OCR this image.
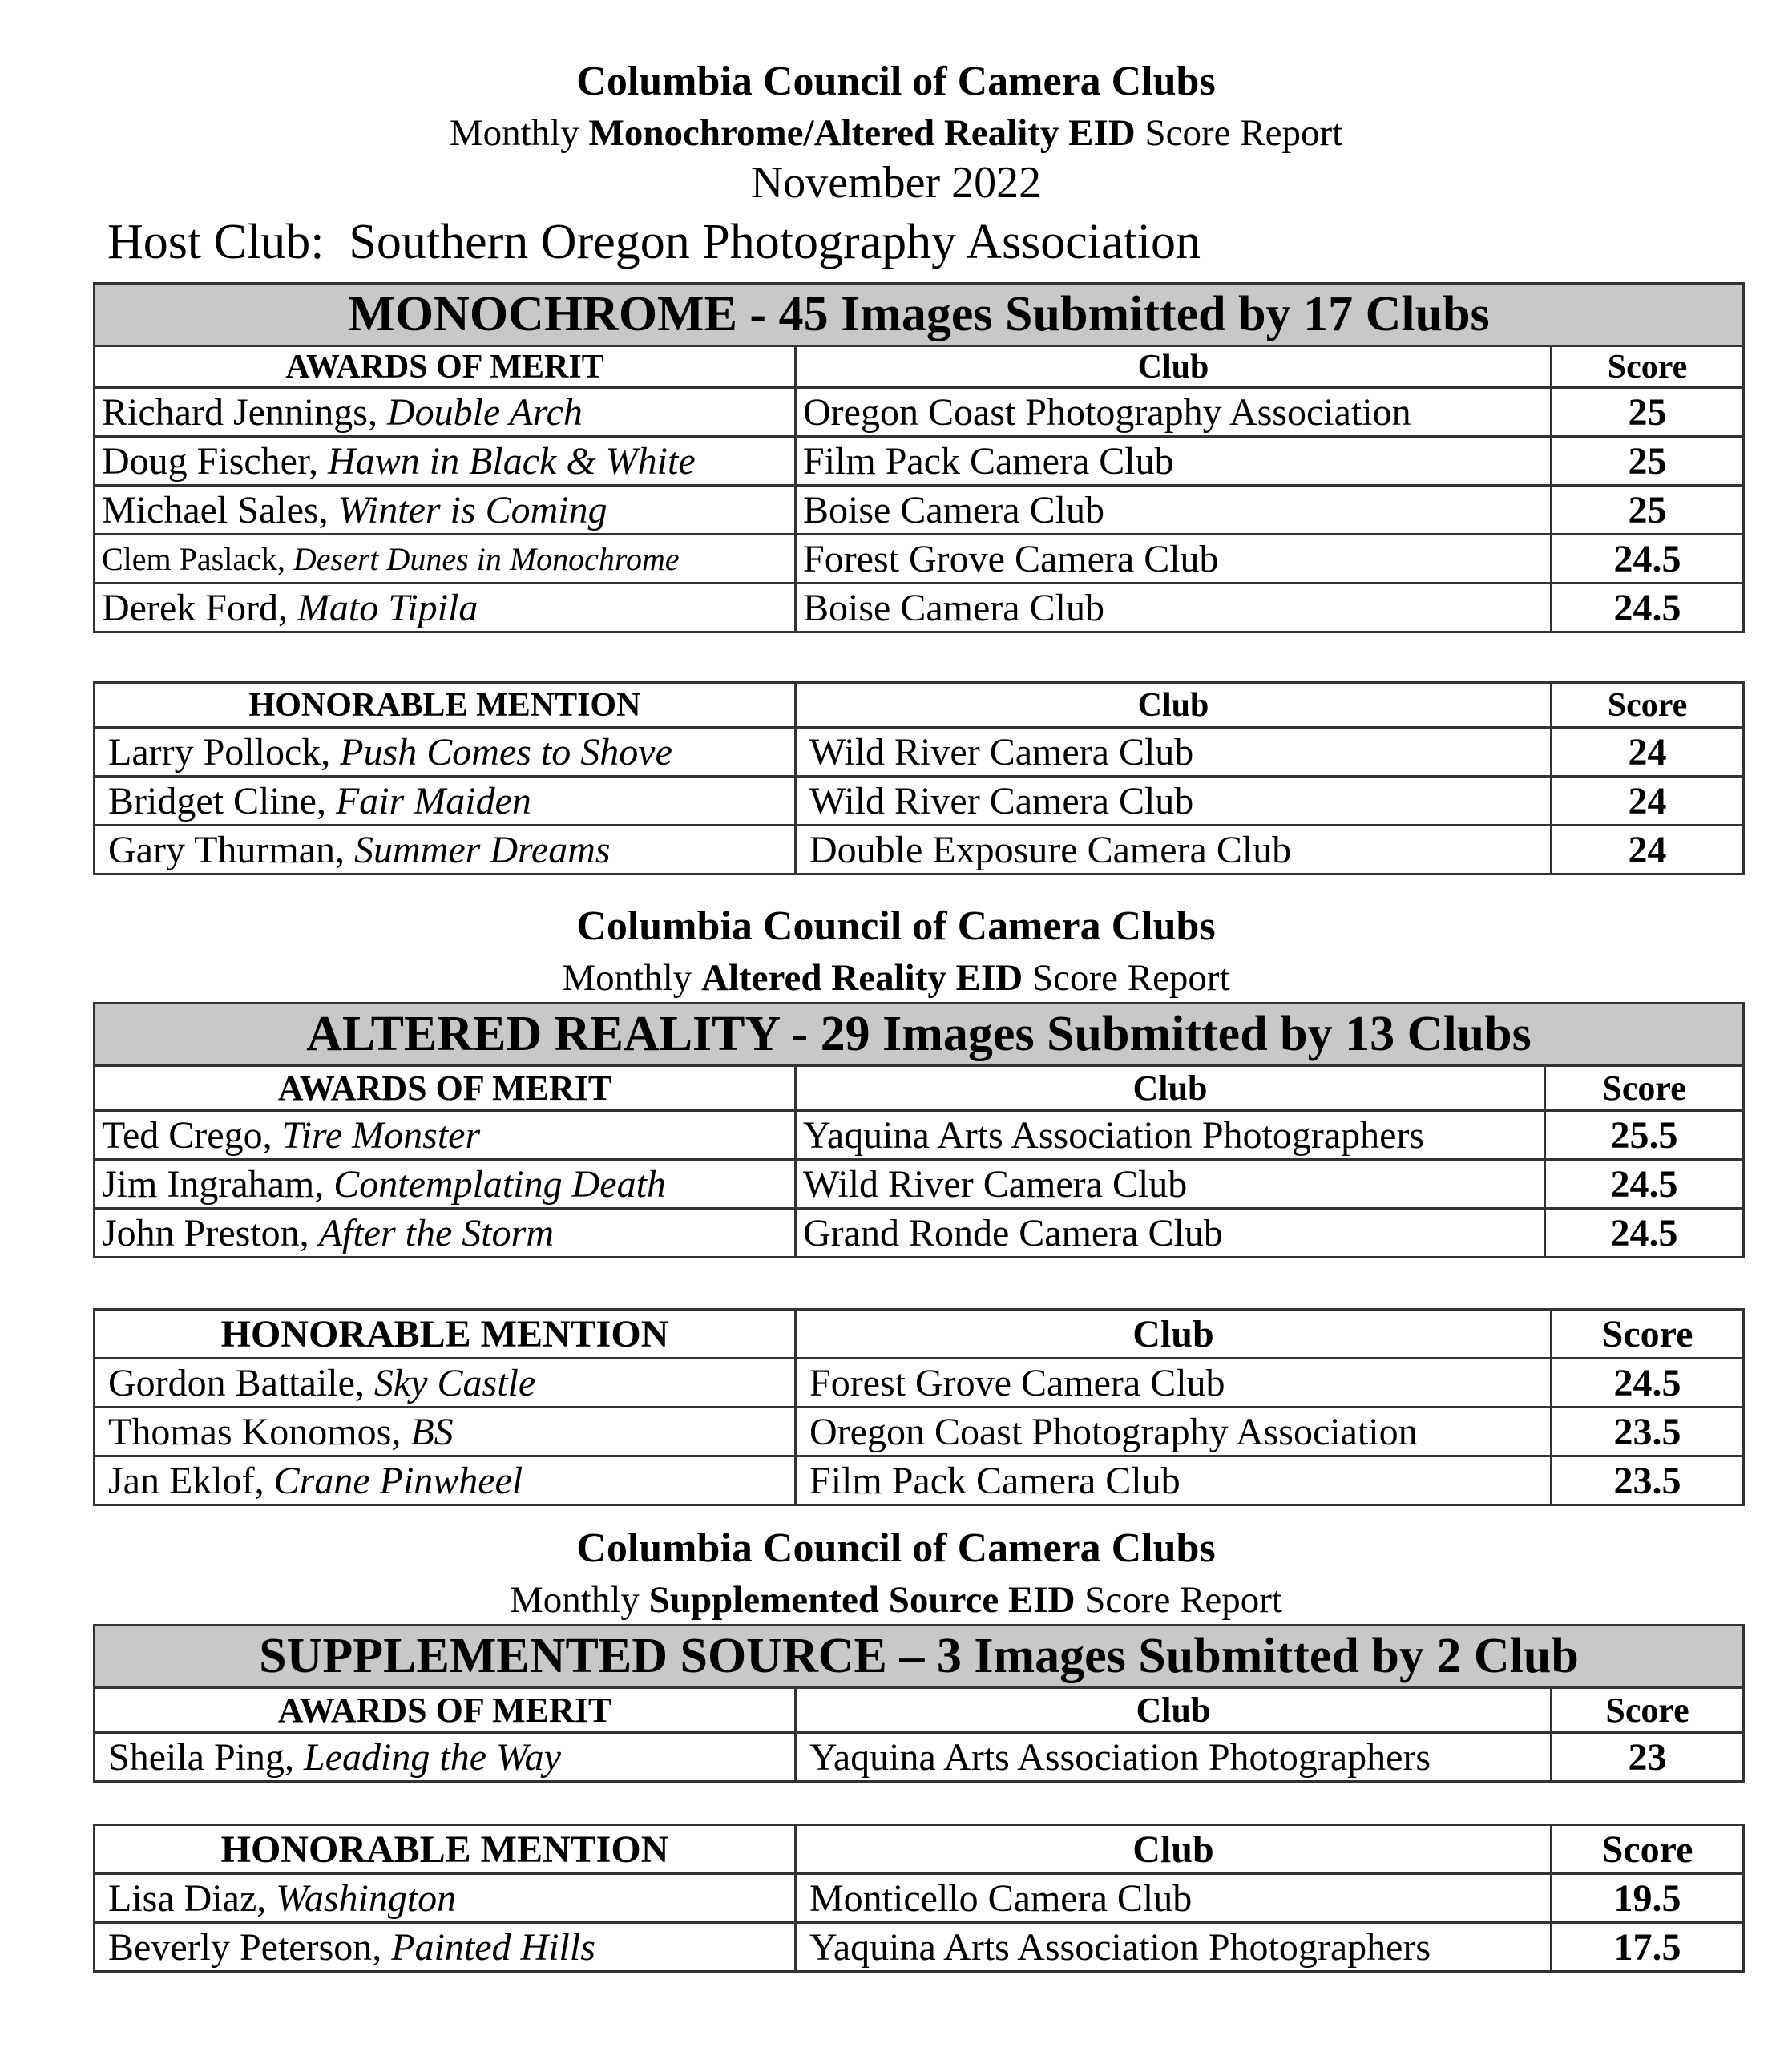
Columbia Council of Camera Clubs
Monthly Monochrome/Altered Reality EID Score Report
November 2022
Host Club:  Southern Oregon Photography Association
MONOCHROME - 45 Images Submitted by 17 Clubs		
AWARDS OF MERIT	Club	Score
Richard Jennings, Double Arch	Oregon Coast Photography Association	25
Doug Fischer, Hawn in Black & White	Film Pack Camera Club	25
Michael Sales, Winter is Coming	Boise Camera Club	25
Clem Paslack, Desert Dunes in Monochrome	Forest Grove Camera Club	24.5
Derek Ford, Mato Tipila	Boise Camera Club	24.5
HONORABLE MENTION	Club	Score
Larry Pollock, Push Comes to Shove	Wild River Camera Club	24
Bridget Cline, Fair Maiden	Wild River Camera Club	24
Gary Thurman, Summer Dreams	Double Exposure Camera Club	24
Columbia Council of Camera Clubs
Monthly Altered Reality EID Score Report
ALTERED REALITY - 29 Images Submitted by 13 Clubs		
AWARDS OF MERIT	Club	Score
Ted Crego, Tire Monster	Yaquina Arts Association Photographers	25.5
Jim Ingraham, Contemplating Death	Wild River Camera Club	24.5
John Preston, After the Storm	Grand Ronde Camera Club	24.5
HONORABLE MENTION	Club	Score
Gordon Battaile, Sky Castle	Forest Grove Camera Club	24.5
Thomas Konomos, BS	Oregon Coast Photography Association	23.5
Jan Eklof, Crane Pinwheel	Film Pack Camera Club	23.5
Columbia Council of Camera Clubs
Monthly Supplemented Source EID Score Report
SUPPLEMENTED SOURCE – 3 Images Submitted by 2 Club		
AWARDS OF MERIT	Club	Score
Sheila Ping, Leading the Way	Yaquina Arts Association Photographers	23
HONORABLE MENTION	Club	Score
Lisa Diaz, Washington	Monticello Camera Club	19.5
Beverly Peterson, Painted Hills	Yaquina Arts Association Photographers	17.5
